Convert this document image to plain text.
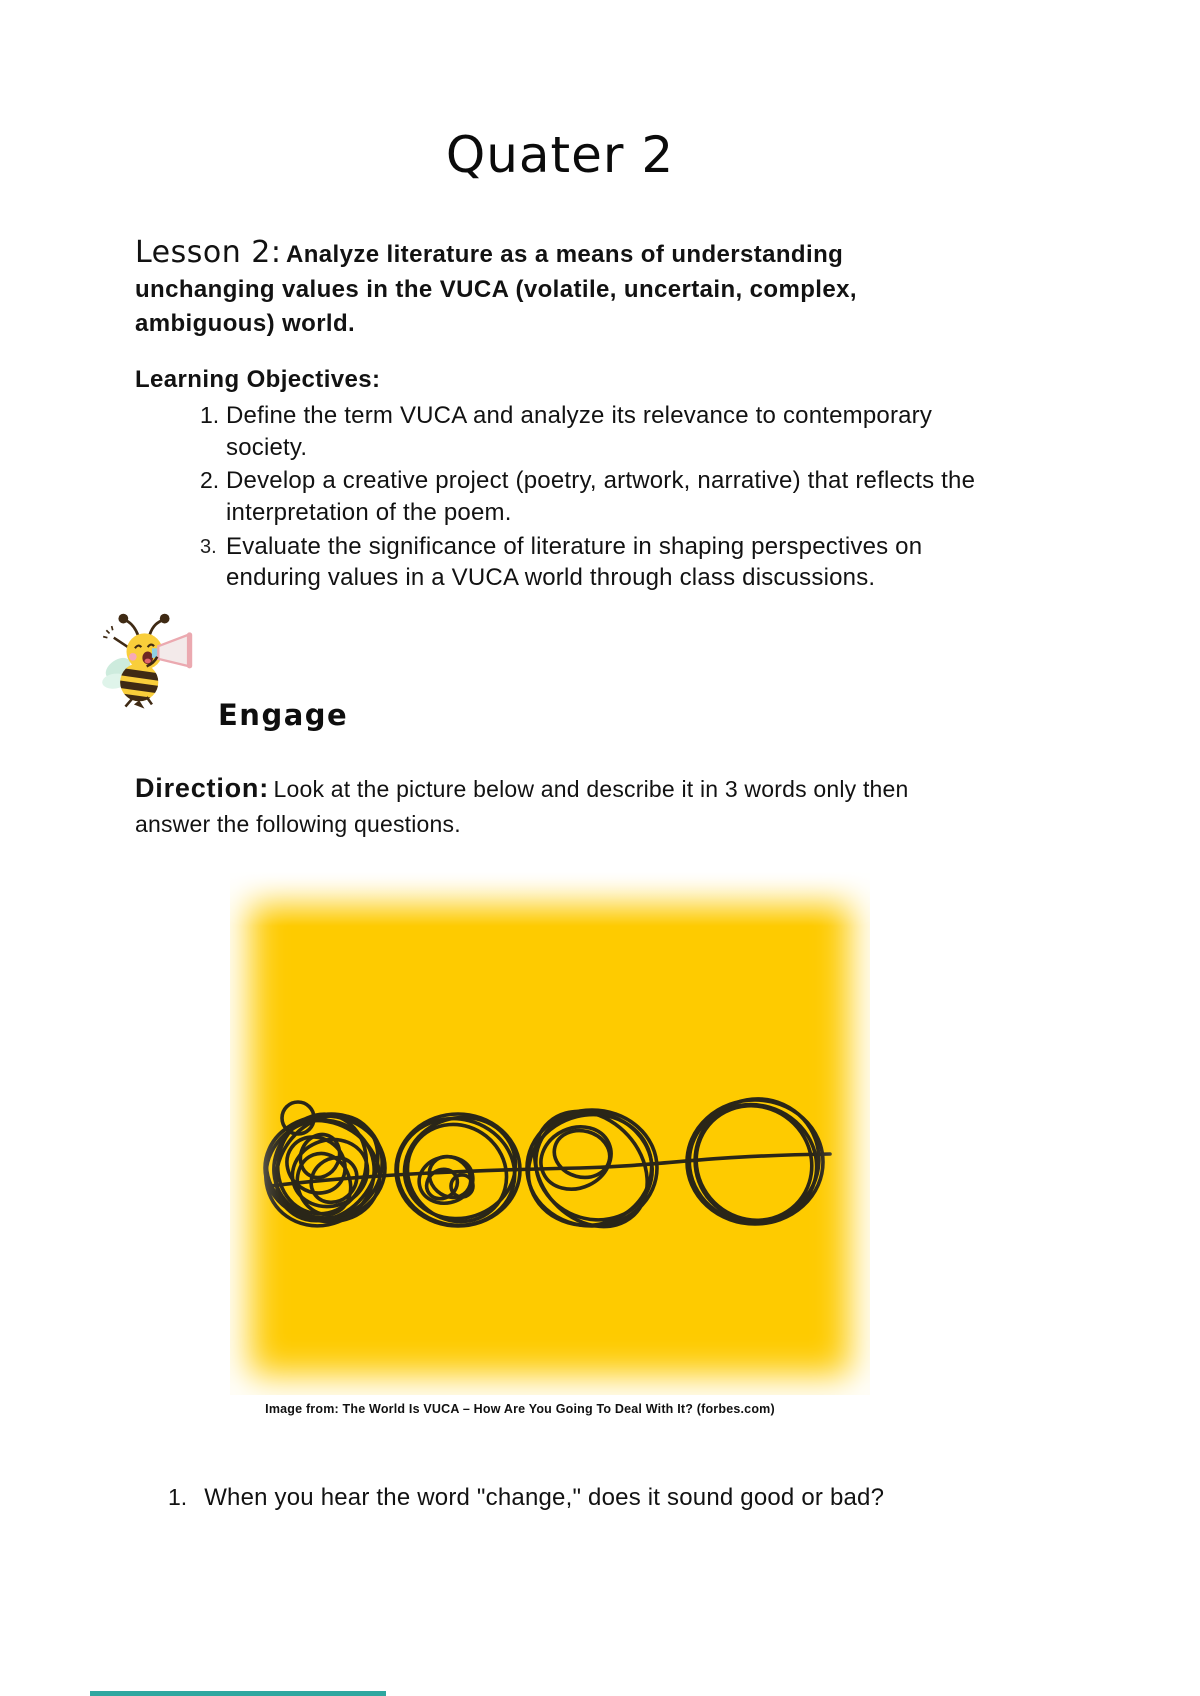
Quater 2

Lesson 2: Analyze literature as a means of understanding unchanging values in the VUCA (volatile, uncertain, complex, ambiguous) world.

Learning Objectives:

1. Define the term VUCA and analyze its relevance to contemporary society.
2. Develop a creative project (poetry, artwork, narrative) that reflects the interpretation of the poem.
3. Evaluate the significance of literature in shaping perspectives on enduring values in a VUCA world through class discussions.
Engage

Direction: Look at the picture below and describe it in 3 words only then answer the following questions.

Image from: The World Is VUCA – How Are You Going To Deal With It? (forbes.com)

1. When you hear the word "change," does it sound good or bad?
